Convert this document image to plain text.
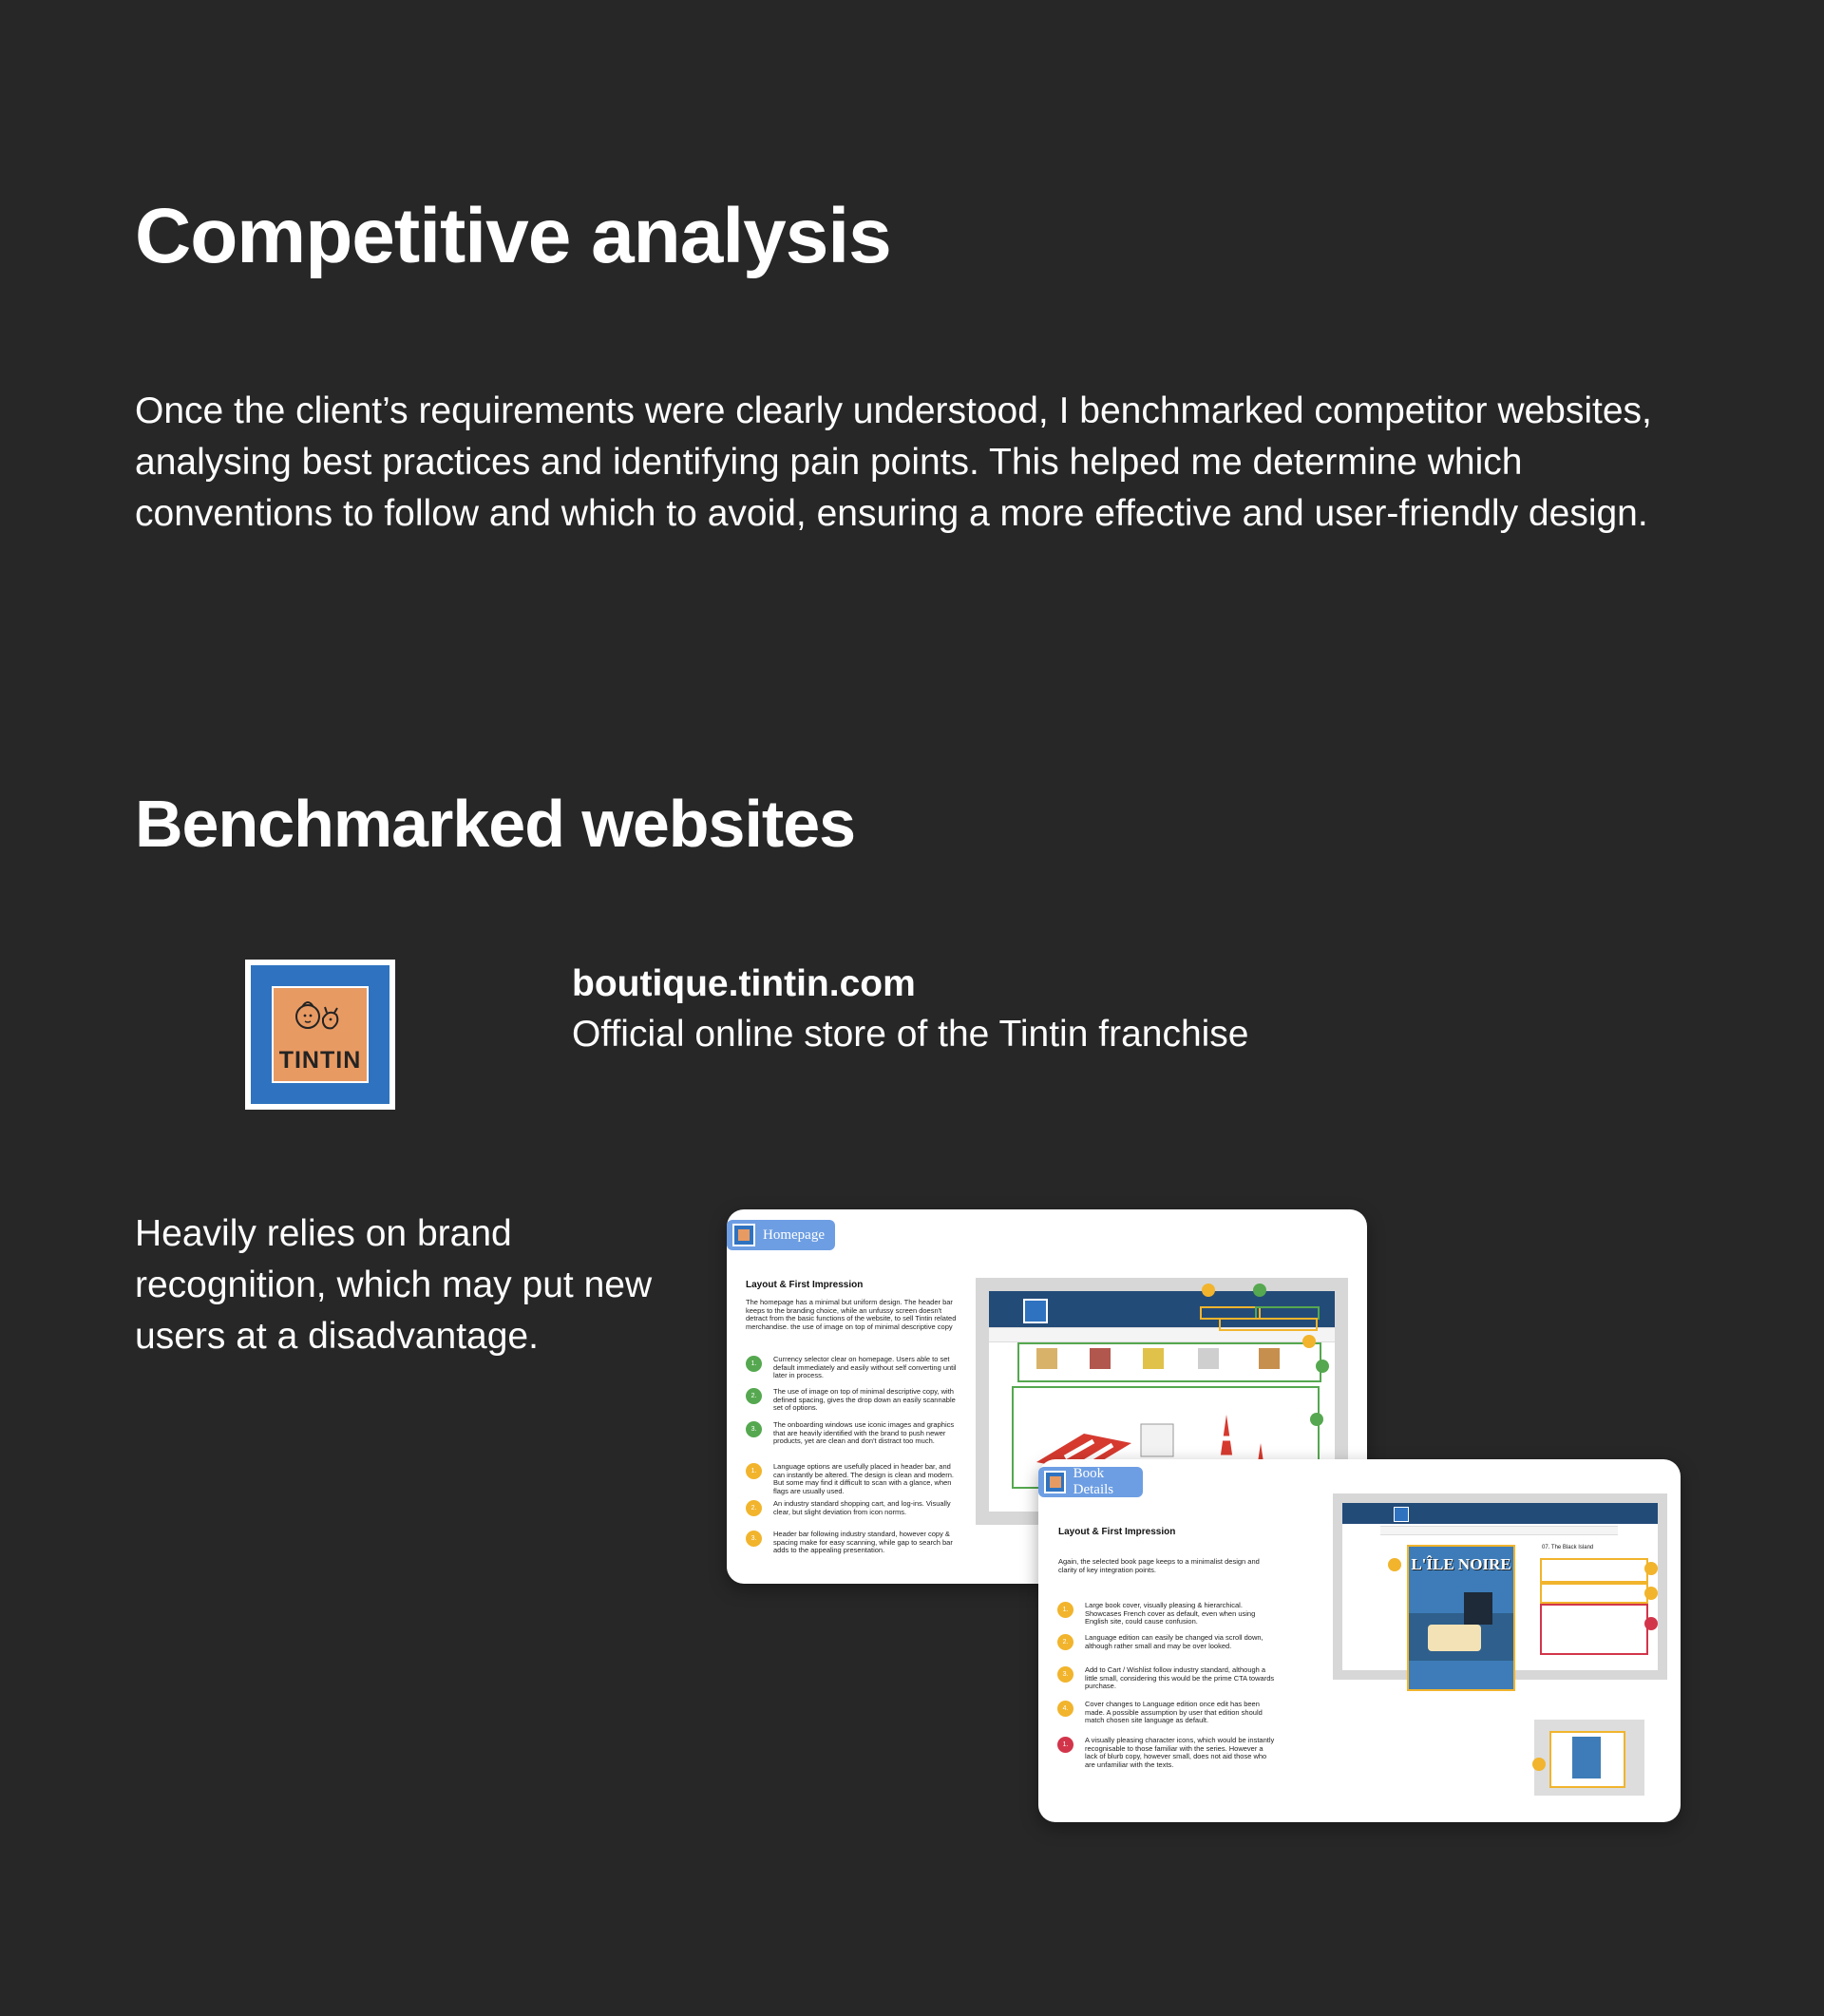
Competitive analysis

Once the client’s requirements were clearly understood, I benchmarked competitor websites, analysing best practices and identifying pain points. This helped me determine which conventions to follow and which to avoid, ensuring a more effective and user-friendly design.

Benchmarked websites
TINTIN
boutique.tintin.com
Official online store of the Tintin franchise

Heavily relies on brand recognition, which may put new users at a disadvantage.

Layout & First Impression

The homepage has a minimal but uniform design. The header bar keeps to the branding choice, while an unfussy screen doesn't detract from the basic functions of the website, to sell Tintin related merchandise. the use of image on top of minimal descriptive copy

1.
Currency selector clear on homepage. Users able to set default immediately and easily without self converting until later in process.
2.
The use of image on top of minimal descriptive copy, with defined spacing, gives the drop down an easily scannable set of options.
3.
The onboarding windows use iconic images and graphics that are heavily identified with the brand to push newer products, yet are clean and don't distract too much.
1.
Language options are usefully placed in header bar, and can instantly be altered. The design is clean and modern. But some may find it difficult to scan with a glance, when flags are usually used.
2.
An industry standard shopping cart, and log-ins. Visually clear, but slight deviation from icon norms.
3.
Header bar following industry standard, however copy & spacing make for easy scanning, while gap to search bar adds to the appealing presentation.
Homepage
Layout & First Impression

Again, the selected book page keeps to a minimalist design and clarity of key integration points.

1.
Large book cover, visually pleasing & hierarchical. Showcases French cover as default, even when using English site, could cause confusion.
2.
Language edition can easily be changed via scroll down, although rather small and may be over looked.
3.
Add to Cart / Wishlist follow industry standard, although a little small, considering this would be the prime CTA towards purchase.
4.
Cover changes to Language edition once edit has been made. A possible assumption by user that edition should match chosen site language as default.
1.
A visually pleasing character icons, which would be instantly recognisable to those familiar with the series. However a lack of blurb copy, however small, does not aid those who are unfamiliar with the texts.
L'ÎLE NOIRE
07. The Black Island
Book Details
